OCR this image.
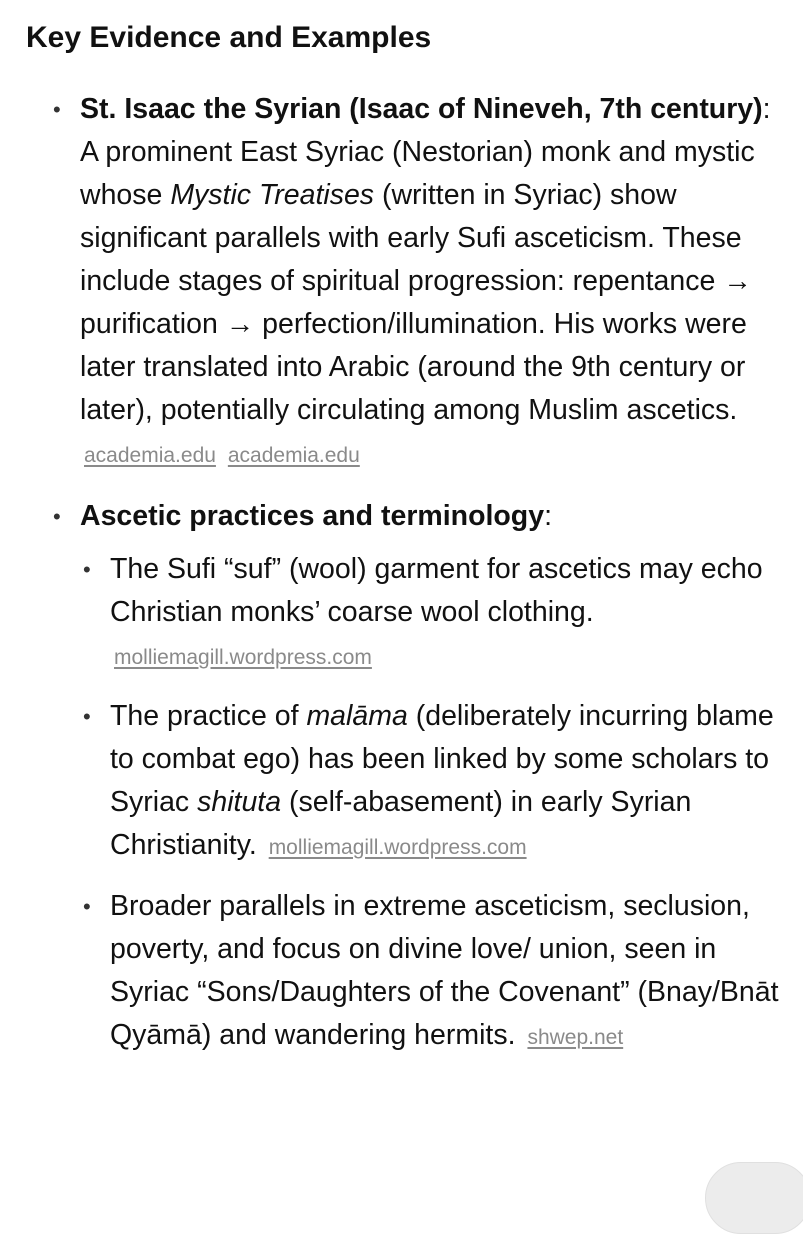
Key Evidence and Examples
• St. Isaac the Syrian (Isaac of Nineveh, 7th century): A prominent East Syriac (Nestorian) monk and mystic whose Mystic Treatises (written in Syriac) show significant parallels with early Sufi asceticism. These include stages of spiritual progression: repentance → purification → perfection/illumination. His works were later translated into Arabic (around the 9th century or later), potentially circulating among Muslim ascetics. academia.edu academia.edu
• Ascetic practices and terminology:
• The Sufi “suf” (wool) garment for ascetics may echo Christian monks’ coarse wool clothing. molliemagill.wordpress.com
• The practice of malāma (deliberately incurring blame to combat ego) has been linked by some scholars to Syriac shituta (self-abasement) in early Syrian Christianity. molliemagill.wordpress.com
• Broader parallels in extreme asceticism, seclusion, poverty, and focus on divine love/ union, seen in Syriac “Sons/Daughters of the Covenant” (Bnay/Bnāt Qyāmā) and wandering hermits. shwep.net
